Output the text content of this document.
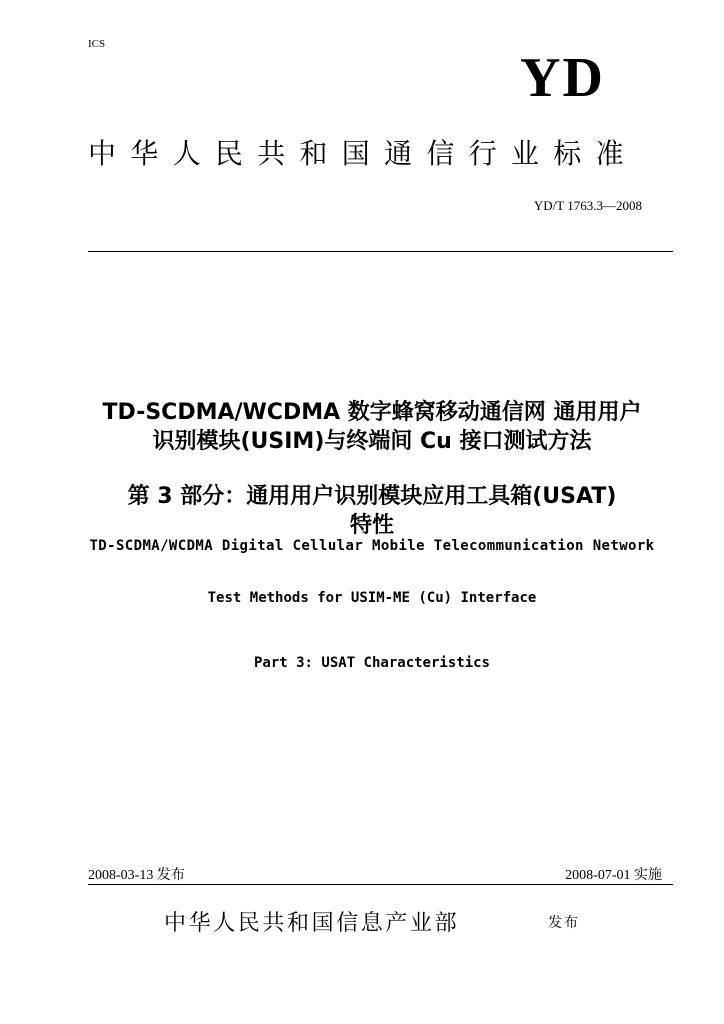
ICS
YD
中华人民共和国通信行业标准
YD/T 1763.3—2008
TD-SCDMA/WCDMA 数字蜂窝移动通信网 通用用户
识别模块(USIM)与终端间 Cu 接口测试方法
第 3 部分：通用用户识别模块应用工具箱(USAT)
特性
TD-SCDMA/WCDMA Digital Cellular Mobile Telecommunication Network
Test Methods for USIM-ME (Cu) Interface
Part 3: USAT Characteristics
2008-03-13 发布	2008-07-01 实施
中华人民共和国信息产业部	发布
